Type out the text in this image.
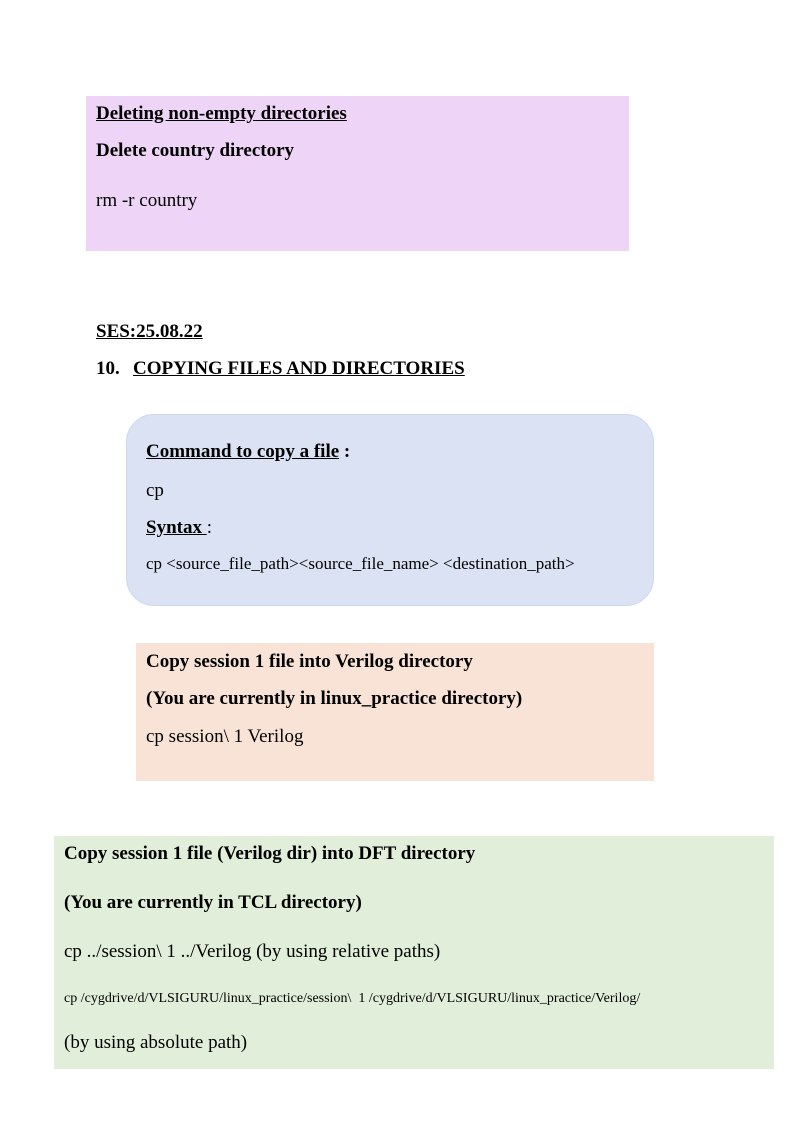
Deleting non-empty directories
Delete country directory
rm -r country
SES:25.08.22
10. COPYING FILES AND DIRECTORIES
Command to copy a file :
cp
Syntax :
cp <source_file_path><source_file_name> <destination_path>
Copy session 1 file into Verilog directory
(You are currently in linux_practice directory)
cp session\ 1 Verilog
Copy session 1 file (Verilog dir) into DFT directory
(You are currently in TCL directory)
cp ../session\ 1 ../Verilog (by using relative paths)
cp /cygdrive/d/VLSIGURU/linux_practice/session\  1 /cygdrive/d/VLSIGURU/linux_practice/Verilog/
(by using absolute path)
